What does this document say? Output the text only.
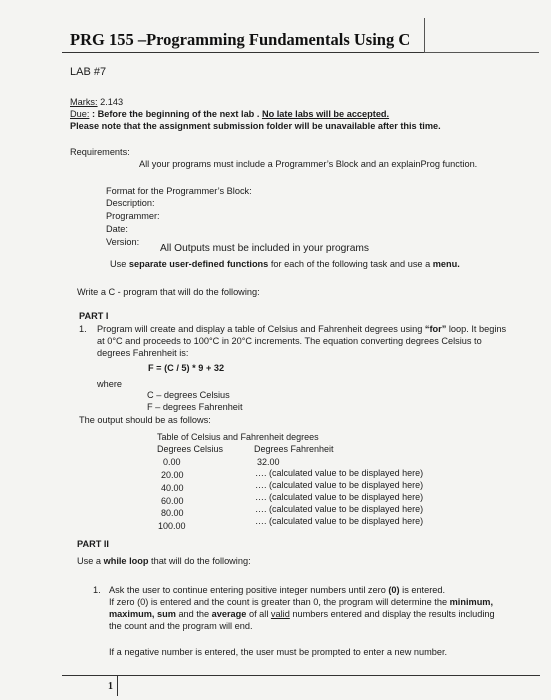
PRG 155 –Programming Fundamentals Using C
LAB #7
Marks: 2.143
Due: : Before the beginning of the next lab . No late labs will be accepted.
Please note that the assignment submission folder will be unavailable after this time.
Requirements:
All your programs must include a Programmer’s Block and an explainProg function.
Format for the Programmer’s Block:
Description:
Programmer:
Date:
Version:
All Outputs must be included in your programs
Use separate user-defined functions for each of the following task and use a menu.
Write a C - program that will do the following:
PART I
1. Program will create and display a table of Celsius and Fahrenheit degrees using “for” loop. It begins
at 0°C and proceeds to 100°C in 20°C increments. The equation converting degrees Celsius to
degrees Fahrenheit is:
F = (C / 5) * 9 + 32
where
C – degrees Celsius
F – degrees Fahrenheit
The output should be as follows:
Table of Celsius and Fahrenheit degrees
Degrees Celsius	Degrees Fahrenheit
0.00	32.00
20.00	…. (calculated value to be displayed here)
40.00	…. (calculated value to be displayed here)
60.00	…. (calculated value to be displayed here)
80.00	…. (calculated value to be displayed here)
100.00	…. (calculated value to be displayed here)
PART II
Use a while loop that will do the following:
1. Ask the user to continue entering positive integer numbers until zero (0) is entered.
If zero (0) is entered and the count is greater than 0, the program will determine the minimum,
maximum, sum and the average of all valid numbers entered and display the results including
the count and the program will end.
If a negative number is entered, the user must be prompted to enter a new number.
1
